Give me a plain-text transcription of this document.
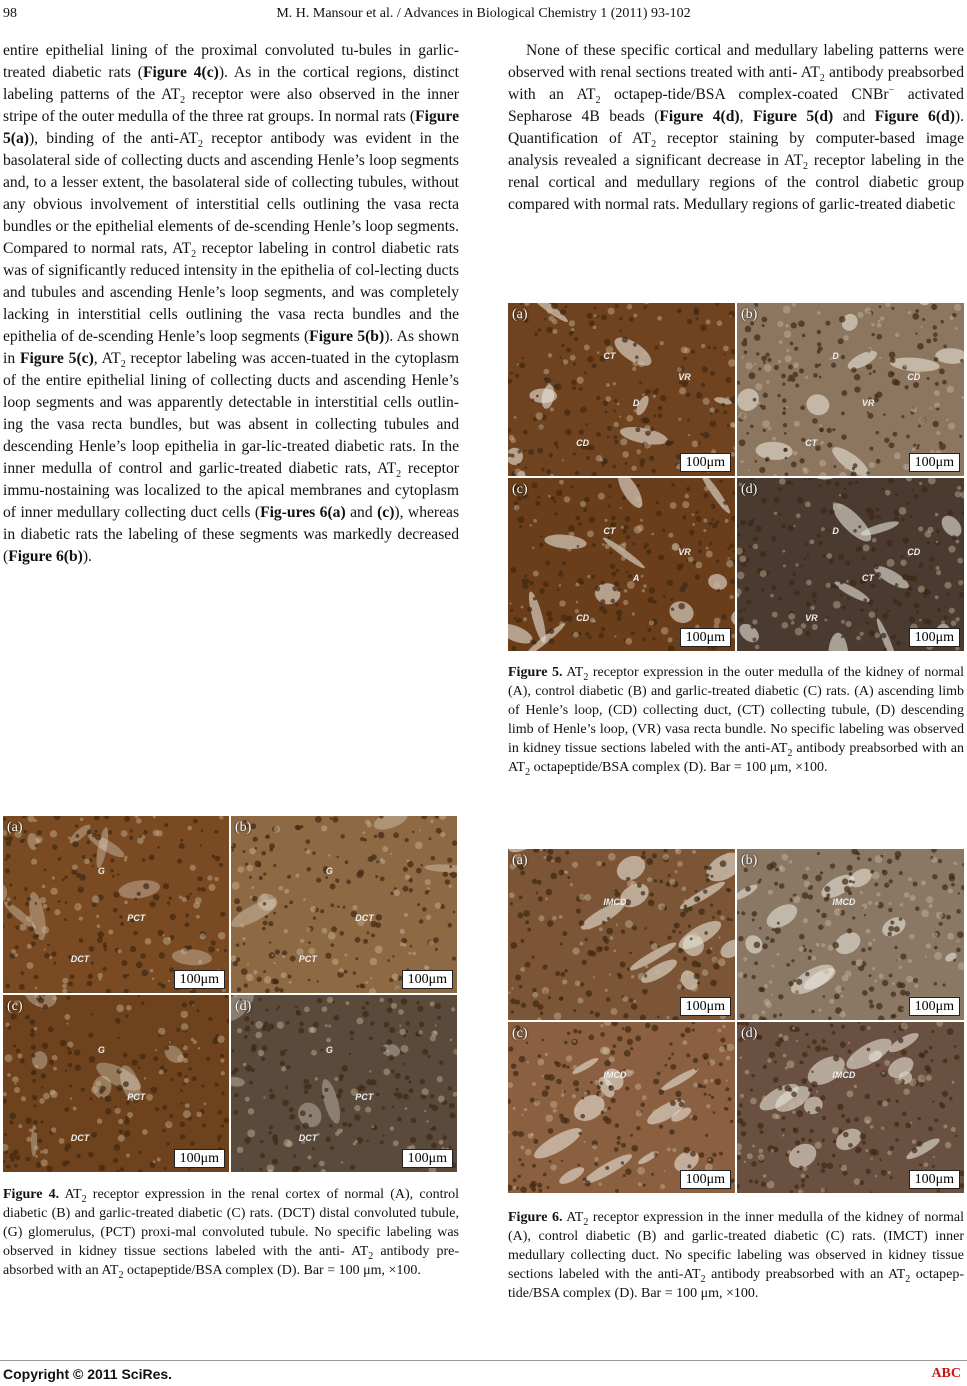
98	M. H. Mansour et al. / Advances in Biological Chemistry 1 (2011) 93-102

entire epithelial lining of the proximal convoluted tu-bules in garlic-treated diabetic rats (Figure 4(c)). As in the cortical regions, distinct labeling patterns of the $AT_2$ receptor were also observed in the inner stripe of the outer medulla of the three rat groups. In normal rats (Figure 5(a)), binding of the anti-$AT_2$ receptor antibody was evident in the basolateral side of collecting ducts and ascending Henle’s loop segments and, to a lesser extent, the basolateral side of collecting tubules, without any obvious involvement of interstitial cells outlining the vasa recta bundles or the epithelial elements of de-scending Henle’s loop segments. Compared to normal rats, $AT_2$ receptor labeling in control diabetic rats was of significantly reduced intensity in the epithelia of col-lecting ducts and tubules and ascending Henle’s loop segments, and was completely lacking in interstitial cells outlining the vasa recta bundles and the epithelia of de-scending Henle’s loop segments (Figure 5(b)). As shown in Figure 5(c), $AT_2$ receptor labeling was accen-tuated in the cytoplasm of the entire epithelial lining of collecting ducts and ascending Henle’s loop segments and was apparently detectable in interstitial cells outlin-ing the vasa recta bundles, but was absent in collecting tubules and descending Henle’s loop epithelia in gar-lic-treated diabetic rats. In the inner medulla of control and garlic-treated diabetic rats, $AT_2$ receptor immu-nostaining was localized to the apical membranes and cytoplasm of inner medullary collecting duct cells (Fig-ures 6(a) and (c)), whereas in diabetic rats the labeling of these segments was markedly decreased (Figure 6(b)).

None of these specific cortical and medullary labeling patterns were observed with renal sections treated with anti- $AT_2$ antibody preabsorbed with an $AT_2$ octapep-tide/BSA complex-coated CNBr− activated Sepharose 4B beads (Figure 4(d), Figure 5(d) and Figure 6(d)). Quantification of $AT_2$ receptor staining by computer-based image analysis revealed a significant decrease in $AT_2$ receptor labeling in the renal cortical and medullary regions of the control diabetic group compared with normal rats. Medullary regions of garlic-treated diabetic

(a)
G
PCT
DCT
100μm
(b)
G
DCT
PCT
100μm
(c)
G
PCT
DCT
100μm
(d)
G
PCT
DCT
100μm
Figure 4. $AT_2$ receptor expression in the renal cortex of normal (A), control diabetic (B) and garlic-treated diabetic (C) rats. (DCT) distal convoluted tubule, (G) glomerulus, (PCT) proxi-mal convoluted tubule. No specific labeling was observed in kidney tissue sections labeled with the anti- $AT_2$ antibody pre-absorbed with an $AT_2$ octapeptide/BSA complex (D). Bar = 100 μm, ×100.
(a)
CT
D
CD
VR
100μm
(b)
D
VR
CT
CD
100μm
(c)
CT
A
CD
VR
100μm
(d)
D
CT
VR
CD
100μm
Figure 5. $AT_2$ receptor expression in the outer medulla of the kidney of normal (A), control diabetic (B) and garlic-treated diabetic (C) rats. (A) ascending limb of Henle’s loop, (CD) collecting duct, (CT) collecting tubule, (D) descending limb of Henle’s loop, (VR) vasa recta bundle. No specific labeling was observed in kidney tissue sections labeled with the anti-$AT_2$ antibody preabsorbed with an $AT_2$ octapeptide/BSA complex (D). Bar = 100 μm, ×100.
(a)
IMCD
100μm
(b)
IMCD
100μm
(c)
IMCD
100μm
(d)
IMCD
100μm
Figure 6. $AT_2$ receptor expression in the inner medulla of the kidney of normal (A), control diabetic (B) and garlic-treated diabetic (C) rats. (IMCT) inner medullary collecting duct. No specific labeling was observed in kidney tissue sections labeled with the anti-$AT_2$ antibody preabsorbed with an $AT_2$ octapep-tide/BSA complex (D). Bar = 100 μm, ×100.
Copyright © 2011 SciRes.	ABC
